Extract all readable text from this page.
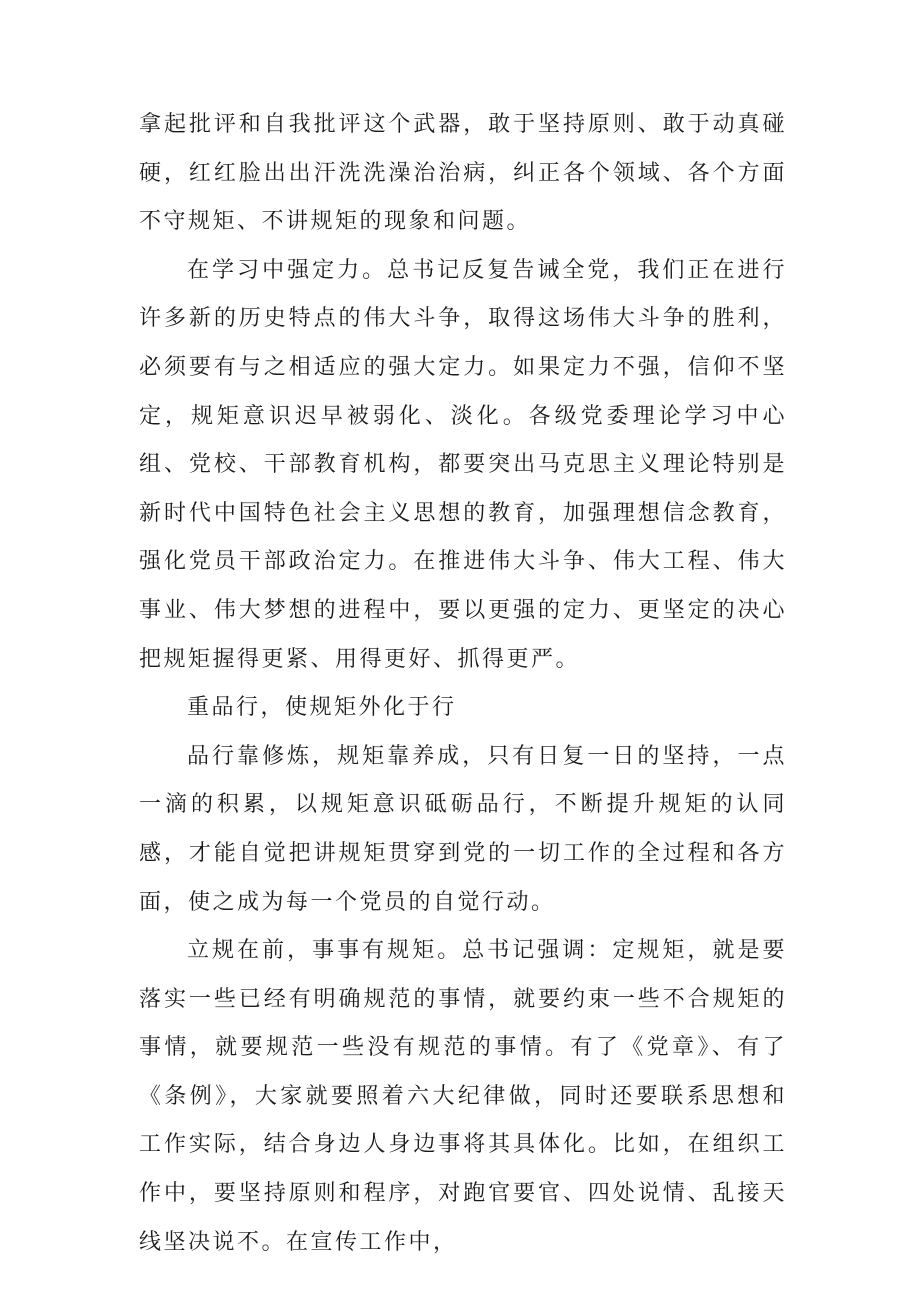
拿起批评和自我批评这个武器，敢于坚持原则、敢于动真碰硬，红红脸出出汗洗洗澡治治病，纠正各个领域、各个方面不守规矩、不讲规矩的现象和问题。

在学习中强定力。总书记反复告诫全党，我们正在进行许多新的历史特点的伟大斗争，取得这场伟大斗争的胜利，必须要有与之相适应的强大定力。如果定力不强，信仰不坚定，规矩意识迟早被弱化、淡化。各级党委理论学习中心组、党校、干部教育机构，都要突出马克思主义理论特别是新时代中国特色社会主义思想的教育，加强理想信念教育，强化党员干部政治定力。在推进伟大斗争、伟大工程、伟大事业、伟大梦想的进程中，要以更强的定力、更坚定的决心把规矩握得更紧、用得更好、抓得更严。

重品行，使规矩外化于行

品行靠修炼，规矩靠养成，只有日复一日的坚持，一点一滴的积累，以规矩意识砥砺品行，不断提升规矩的认同感，才能自觉把讲规矩贯穿到党的一切工作的全过程和各方面，使之成为每一个党员的自觉行动。

立规在前，事事有规矩。总书记强调：定规矩，就是要落实一些已经有明确规范的事情，就要约束一些不合规矩的事情，就要规范一些没有规范的事情。有了《党章》、有了《条例》，大家就要照着六大纪律做，同时还要联系思想和工作实际，结合身边人身边事将其具体化。比如，在组织工作中，要坚持原则和程序，对跑官要官、四处说情、乱接天线坚决说不。在宣传工作中，
